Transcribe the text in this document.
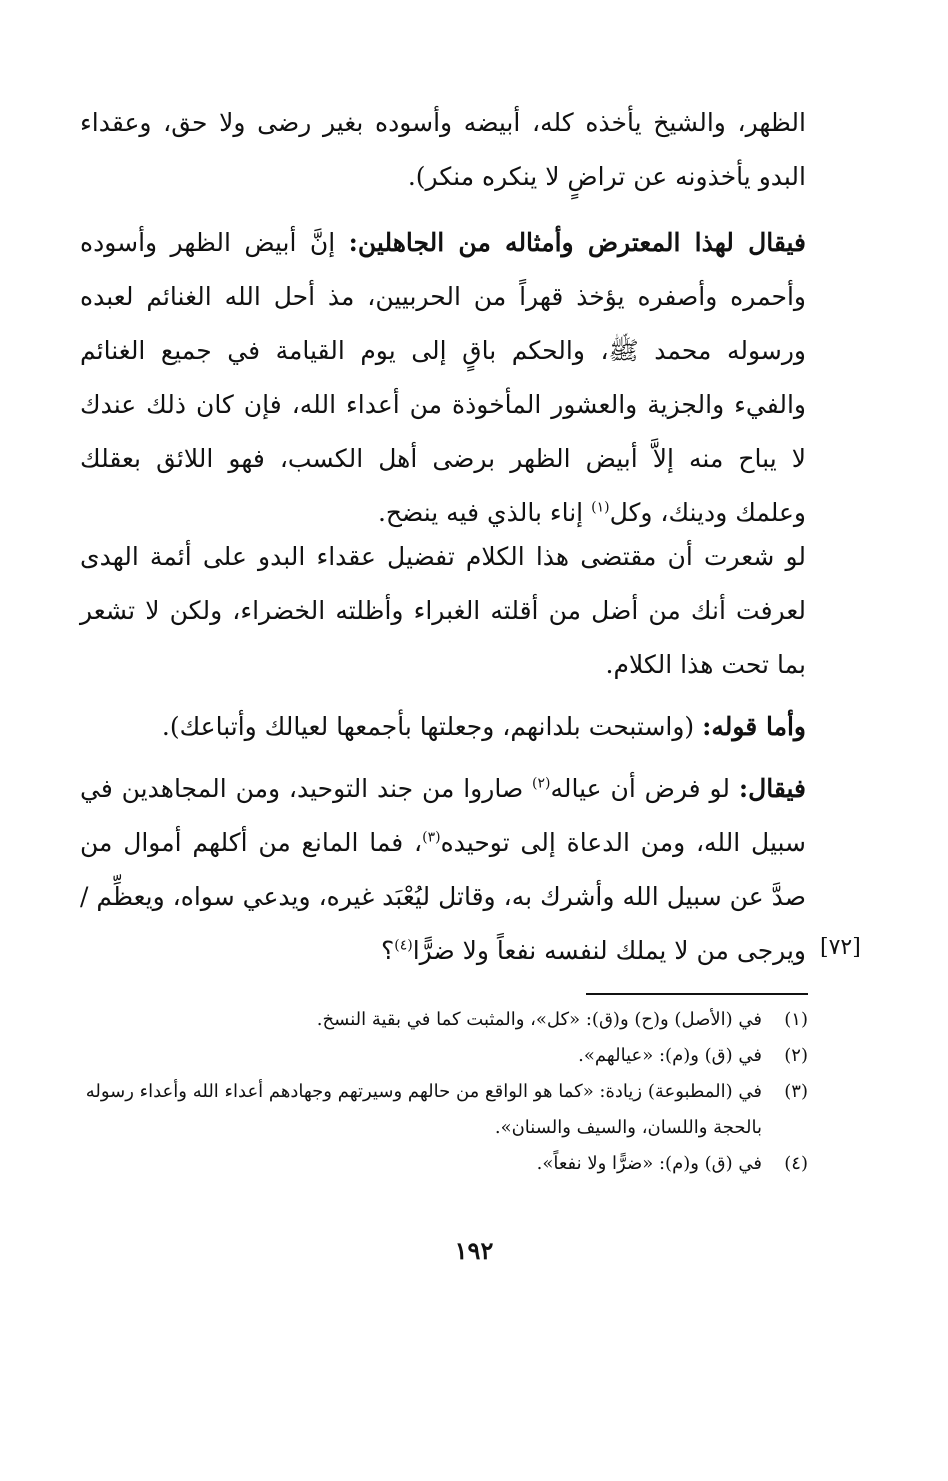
الظهر، والشيخ يأخذه كله، أبيضه وأسوده بغير رضى ولا حق، وعقداء البدو يأخذونه عن تراضٍ لا ينكره منكر).

فيقال لهذا المعترض وأمثاله من الجاهلين: إنَّ أبيض الظهر وأسوده وأحمره وأصفره يؤخذ قهراً من الحربيين، مذ أحل الله الغنائم لعبده ورسوله محمد ﷺ، والحكم باقٍ إلى يوم القيامة في جميع الغنائم والفيء والجزية والعشور المأخوذة من أعداء الله، فإن كان ذلك عندك لا يباح منه إلاَّ أبيض الظهر برضى أهل الكسب، فهو اللائق بعقلك وعلمك ودينك، وكل$^{(١)}$ إناء بالذي فيه ينضح.

لو شعرت أن مقتضى هذا الكلام تفضيل عقداء البدو على أئمة الهدى لعرفت أنك من أضل من أقلته الغبراء وأظلته الخضراء، ولكن لا تشعر بما تحت هذا الكلام.

وأما قوله: (واستبحت بلدانهم، وجعلتها بأجمعها لعيالك وأتباعك).

فيقال: لو فرض أن عياله$^{(٢)}$ صاروا من جند التوحيد، ومن المجاهدين في سبيل الله، ومن الدعاة إلى توحيده$^{(٣)}$، فما المانع من أكلهم أموال من صدَّ عن سبيل الله وأشرك به، وقاتل ليُعْبَد غيره، ويدعي سواه، ويعظِّم / ويرجى من لا يملك لنفسه نفعاً ولا ضرًّا$^{(٤)}$؟	[٧٢]
(١)
في (الأصل) و(ح) و(ق): «كل»، والمثبت كما في بقية النسخ.
(٢)
في (ق) و(م): «عيالهم».
(٣)
في (المطبوعة) زيادة: «كما هو الواقع من حالهم وسيرتهم وجهادهم أعداء الله وأعداء رسوله بالحجة واللسان، والسيف والسنان».
(٤)
في (ق) و(م): «ضرًّا ولا نفعاً».
١٩٢
